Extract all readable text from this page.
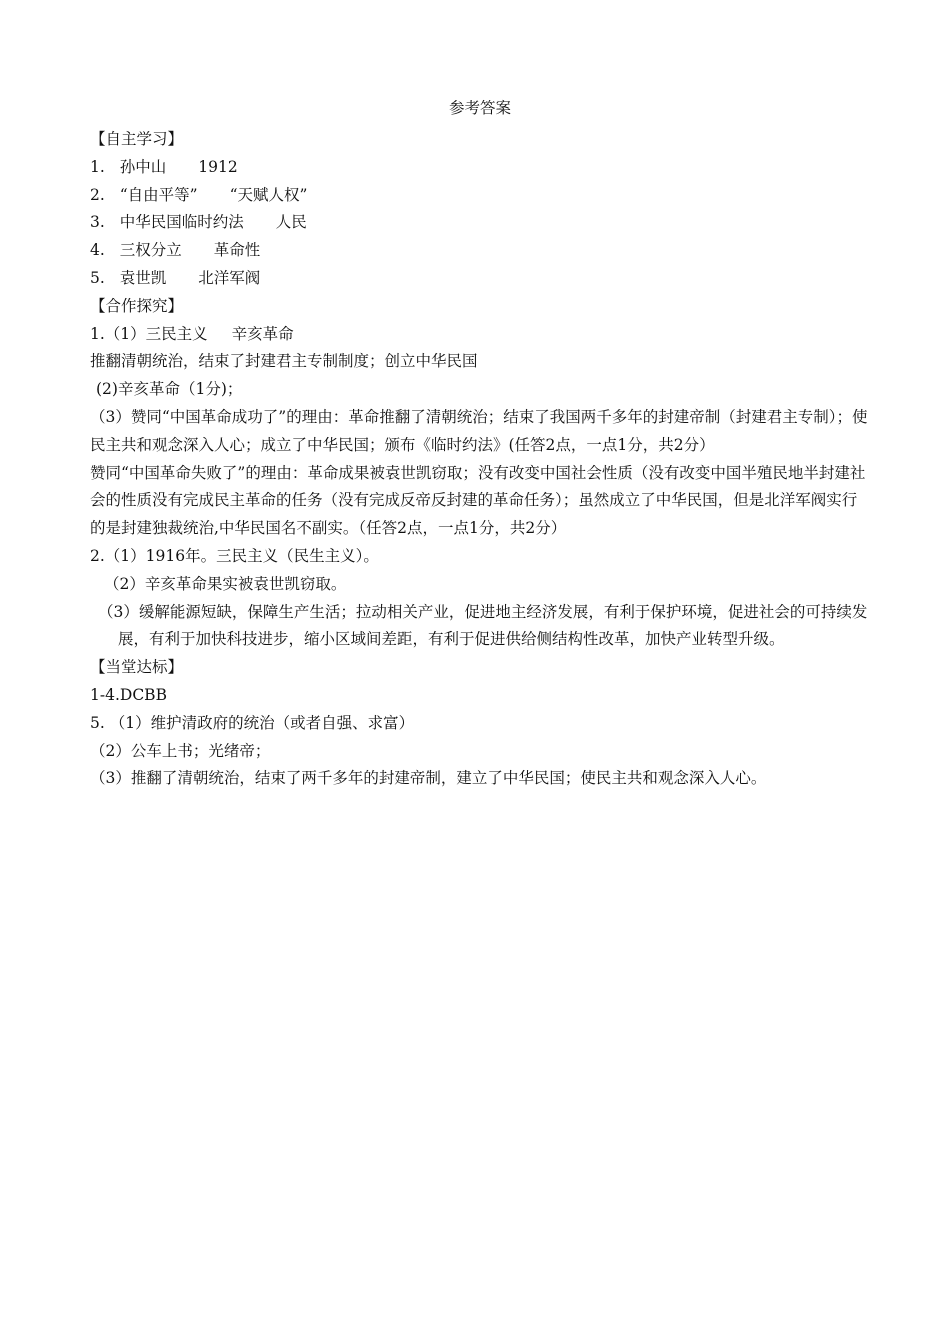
参考答案
【自主学习】
1. 孙中山 1912
2. “自由平等” “天赋人权”
3. 中华民国临时约法 人民
4. 三权分立 革命性
5. 袁世凯 北洋军阀
【合作探究】
1.（1）三民主义 辛亥革命
推翻清朝统治，结束了封建君主专制制度；创立中华民国
(2)辛亥革命（1分)；
（3）赞同“中国革命成功了”的理由：革命推翻了清朝统治；结束了我国两千多年的封建帝制（封建君主专制）；使民主共和观念深入人心；成立了中华民国；颁布《临时约法》(任答2点，一点1分，共2分）
赞同“中国革命失败了”的理由：革命成果被袁世凯窃取；没有改变中国社会性质（没有改变中国半殖民地半封建社会的性质没有完成民主革命的任务（没有完成反帝反封建的革命任务）；虽然成立了中华民国，但是北洋军阀实行的是封建独裁统治,中华民国名不副实。（任答2点，一点1分，共2分）
2.（1）1916年。三民主义（民生主义）。
（2）辛亥革命果实被袁世凯窃取。
（3）缓解能源短缺，保障生产生活；拉动相关产业，促进地主经济发展，有利于保护环境，促进社会的可持续发展，有利于加快科技进步，缩小区域间差距，有利于促进供给侧结构性改革，加快产业转型升级。
【当堂达标】
1-4.DCBB
5. （1）维护清政府的统治（或者自强、求富）
（2）公车上书；光绪帝；
（3）推翻了清朝统治，结束了两千多年的封建帝制，建立了中华民国；使民主共和观念深入人心。
